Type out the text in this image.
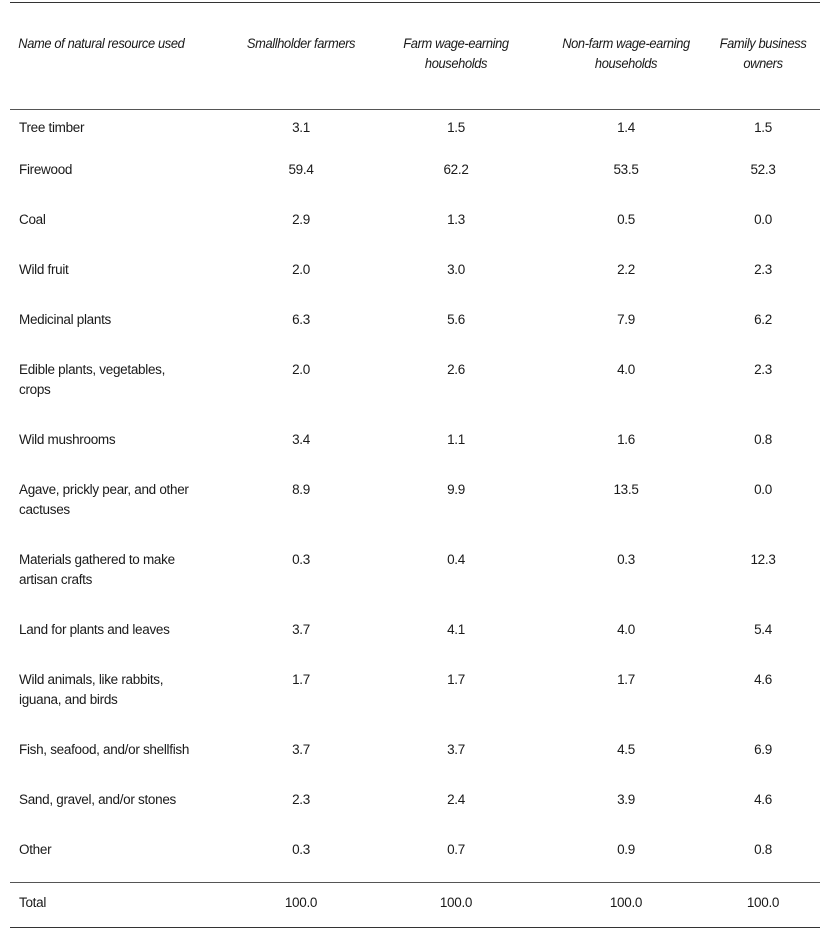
Name of natural resource used	Smallholder farmers	Farm wage-earning households	Non-farm wage-earning households	Family business owners
Tree timber	3.1	1.5	1.4	1.5
Firewood	59.4	62.2	53.5	52.3
Coal	2.9	1.3	0.5	0.0
Wild fruit	2.0	3.0	2.2	2.3
Medicinal plants	6.3	5.6	7.9	6.2
Edible plants, vegetables, crops	2.0	2.6	4.0	2.3
Wild mushrooms	3.4	1.1	1.6	0.8
Agave, prickly pear, and other cactuses	8.9	9.9	13.5	0.0
Materials gathered to make artisan crafts	0.3	0.4	0.3	12.3
Land for plants and leaves	3.7	4.1	4.0	5.4
Wild animals, like rabbits, iguana, and birds	1.7	1.7	1.7	4.6
Fish, seafood, and/or shellfish	3.7	3.7	4.5	6.9
Sand, gravel, and/or stones	2.3	2.4	3.9	4.6
Other	0.3	0.7	0.9	0.8
Total	100.0	100.0	100.0	100.0
